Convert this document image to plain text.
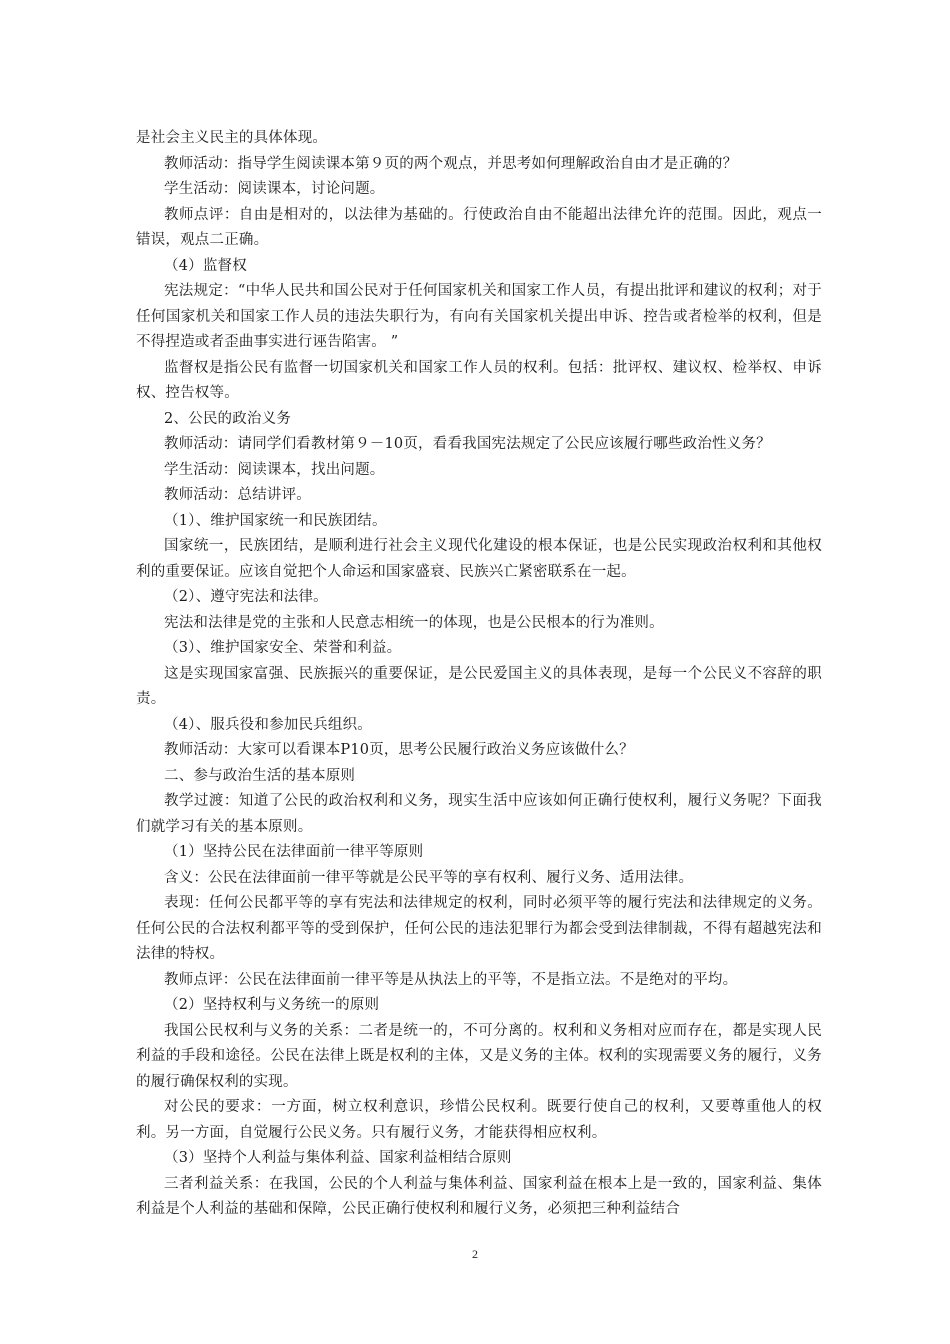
是社会主义民主的具体体现。

教师活动：指导学生阅读课本第９页的两个观点，并思考如何理解政治自由才是正确的？

学生活动：阅读课本，讨论问题。

教师点评：自由是相对的，以法律为基础的。行使政治自由不能超出法律允许的范围。因此，观点一错误，观点二正确。

（4）监督权

宪法规定：“中华人民共和国公民对于任何国家机关和国家工作人员，有提出批评和建议的权利；对于任何国家机关和国家工作人员的违法失职行为，有向有关国家机关提出申诉、控告或者检举的权利，但是不得捏造或者歪曲事实进行诬告陷害。 ”

监督权是指公民有监督一切国家机关和国家工作人员的权利。包括：批评权、建议权、检举权、申诉权、控告权等。

2、公民的政治义务

教师活动：请同学们看教材第９－10页，看看我国宪法规定了公民应该履行哪些政治性义务？

学生活动：阅读课本，找出问题。

教师活动：总结讲评。

（1）、维护国家统一和民族团结。

国家统一，民族团结，是顺利进行社会主义现代化建设的根本保证，也是公民实现政治权利和其他权利的重要保证。应该自觉把个人命运和国家盛衰、民族兴亡紧密联系在一起。

（2）、遵守宪法和法律。

宪法和法律是党的主张和人民意志相统一的体现，也是公民根本的行为准则。

（3）、维护国家安全、荣誉和利益。

这是实现国家富强、民族振兴的重要保证，是公民爱国主义的具体表现，是每一个公民义不容辞的职责。

（4）、服兵役和参加民兵组织。

教师活动：大家可以看课本P10页，思考公民履行政治义务应该做什么？

二、参与政治生活的基本原则

教学过渡：知道了公民的政治权利和义务，现实生活中应该如何正确行使权利，履行义务呢？下面我们就学习有关的基本原则。

（1）坚持公民在法律面前一律平等原则

含义：公民在法律面前一律平等就是公民平等的享有权利、履行义务、适用法律。

表现：任何公民都平等的享有宪法和法律规定的权利，同时必须平等的履行宪法和法律规定的义务。任何公民的合法权利都平等的受到保护，任何公民的违法犯罪行为都会受到法律制裁，不得有超越宪法和法律的特权。

教师点评：公民在法律面前一律平等是从执法上的平等，不是指立法。不是绝对的平均。

（2）坚持权利与义务统一的原则

我国公民权利与义务的关系：二者是统一的，不可分离的。权利和义务相对应而存在，都是实现人民利益的手段和途径。公民在法律上既是权利的主体，又是义务的主体。权利的实现需要义务的履行，义务的履行确保权利的实现。

对公民的要求：一方面，树立权利意识，珍惜公民权利。既要行使自己的权利，又要尊重他人的权利。另一方面，自觉履行公民义务。只有履行义务，才能获得相应权利。

（3）坚持个人利益与集体利益、国家利益相结合原则

三者利益关系：在我国，公民的个人利益与集体利益、国家利益在根本上是一致的，国家利益、集体利益是个人利益的基础和保障，公民正确行使权利和履行义务，必须把三种利益结合

2
